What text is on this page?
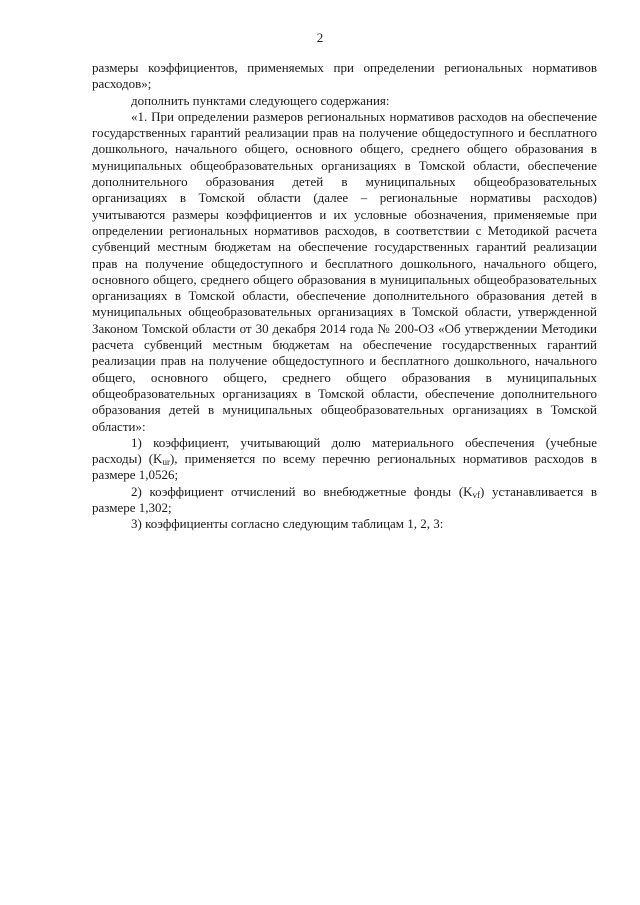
2

размеры коэффициентов, применяемых при определении региональных нормативов расходов»;

дополнить пунктами следующего содержания:

«1. При определении размеров региональных нормативов расходов на обеспечение государственных гарантий реализации прав на получение общедоступного и бесплатного дошкольного, начального общего, основного общего, среднего общего образования в муниципальных общеобразовательных организациях в Томской области, обеспечение дополнительного образования детей в муниципальных общеобразовательных организациях в Томской области (далее – региональные нормативы расходов) учитываются размеры коэффициентов и их условные обозначения, применяемые при определении региональных нормативов расходов, в соответствии с Методикой расчета субвенций местным бюджетам на обеспечение государственных гарантий реализации прав на получение общедоступного и бесплатного дошкольного, начального общего, основного общего, среднего общего образования в муниципальных общеобразовательных организациях в Томской области, обеспечение дополнительного образования детей в муниципальных общеобразовательных организациях в Томской области, утвержденной Законом Томской области от 30 декабря 2014 года № 200-ОЗ «Об утверждении Методики расчета субвенций местным бюджетам на обеспечение государственных гарантий реализации прав на получение общедоступного и бесплатного дошкольного, начального общего, основного общего, среднего общего образования в муниципальных общеобразовательных организациях в Томской области, обеспечение дополнительного образования детей в муниципальных общеобразовательных организациях в Томской области»:

1) коэффициент, учитывающий долю материального обеспечения (учебные расходы) $(K_{ur})$, применяется по всему перечню региональных нормативов расходов в размере 1,0526;

2) коэффициент отчислений во внебюджетные фонды $(K_{vf})$ устанавливается в размере 1,302;

3) коэффициенты согласно следующим таблицам 1, 2, 3:
